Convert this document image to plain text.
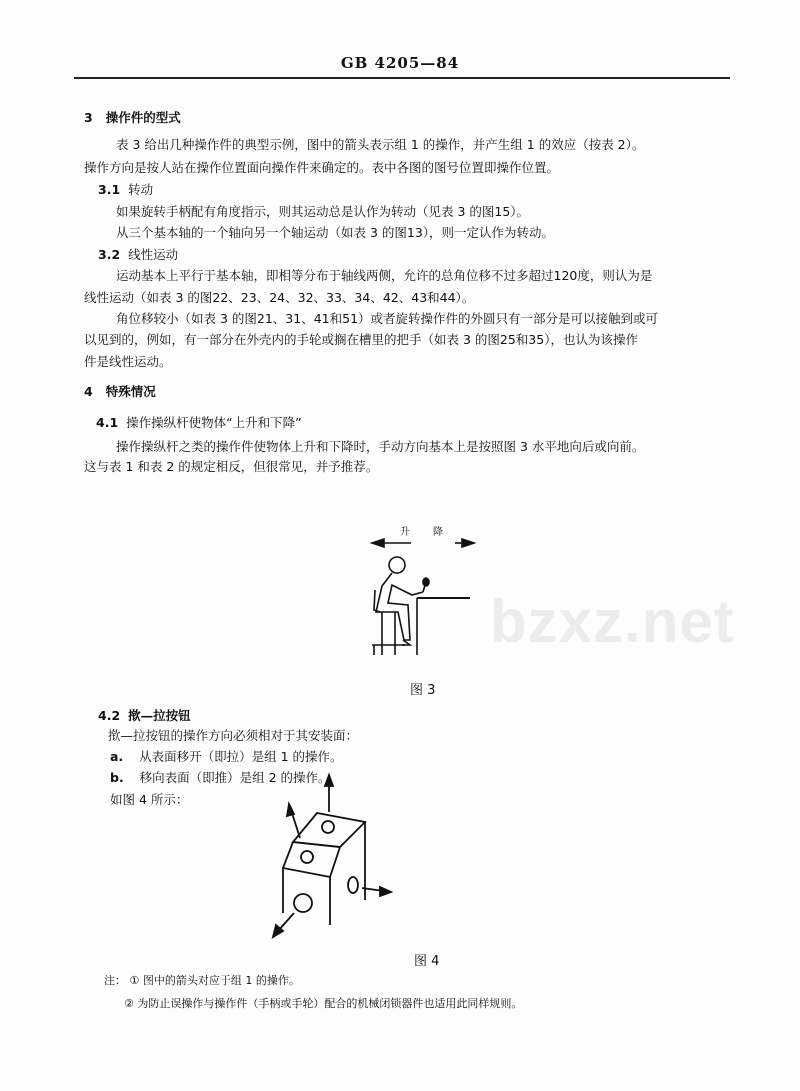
bzxz.net
GB 4205—84
3 操作件的型式
表 3 给出几种操作件的典型示例，图中的箭头表示组 1 的操作，并产生组 1 的效应（按表 2）。
操作方向是按人站在操作位置面向操作件来确定的。表中各图的图号位置即操作位置。
3.1 转动
如果旋转手柄配有角度指示，则其运动总是认作为转动（见表 3 的图15）。
从三个基本轴的一个轴向另一个轴运动（如表 3 的图13），则一定认作为转动。
3.2 线性运动
运动基本上平行于基本轴，即相等分布于轴线两侧，允许的总角位移不过多超过120度，则认为是
线性运动（如表 3 的图22、23、24、32、33、34、42、43和44）。
角位移较小（如表 3 的图21、31、41和51）或者旋转操作件的外圆只有一部分是可以接触到或可
以见到的，例如，有一部分在外壳内的手轮或搁在槽里的把手（如表 3 的图25和35），也认为该操作
件是线性运动。
4 特殊情况
4.1 操作操纵杆使物体“上升和下降”
操作操纵杆之类的操作件使物体上升和下降时，手动方向基本上是按照图 3 水平地向后或向前。
这与表 1 和表 2 的规定相反，但很常见，并予推荐。
升 降
图 3
4.2 揿—拉按钮
揿—拉按钮的操作方向必须相对于其安装面：
a. 从表面移开（即拉）是组 1 的操作。
b. 移向表面（即推）是组 2 的操作。
如图 4 所示：
图 4
注： ① 图中的箭头对应于组 1 的操作。
② 为防止误操作与操作件（手柄或手轮）配合的机械闭锁器件也适用此同样规则。
